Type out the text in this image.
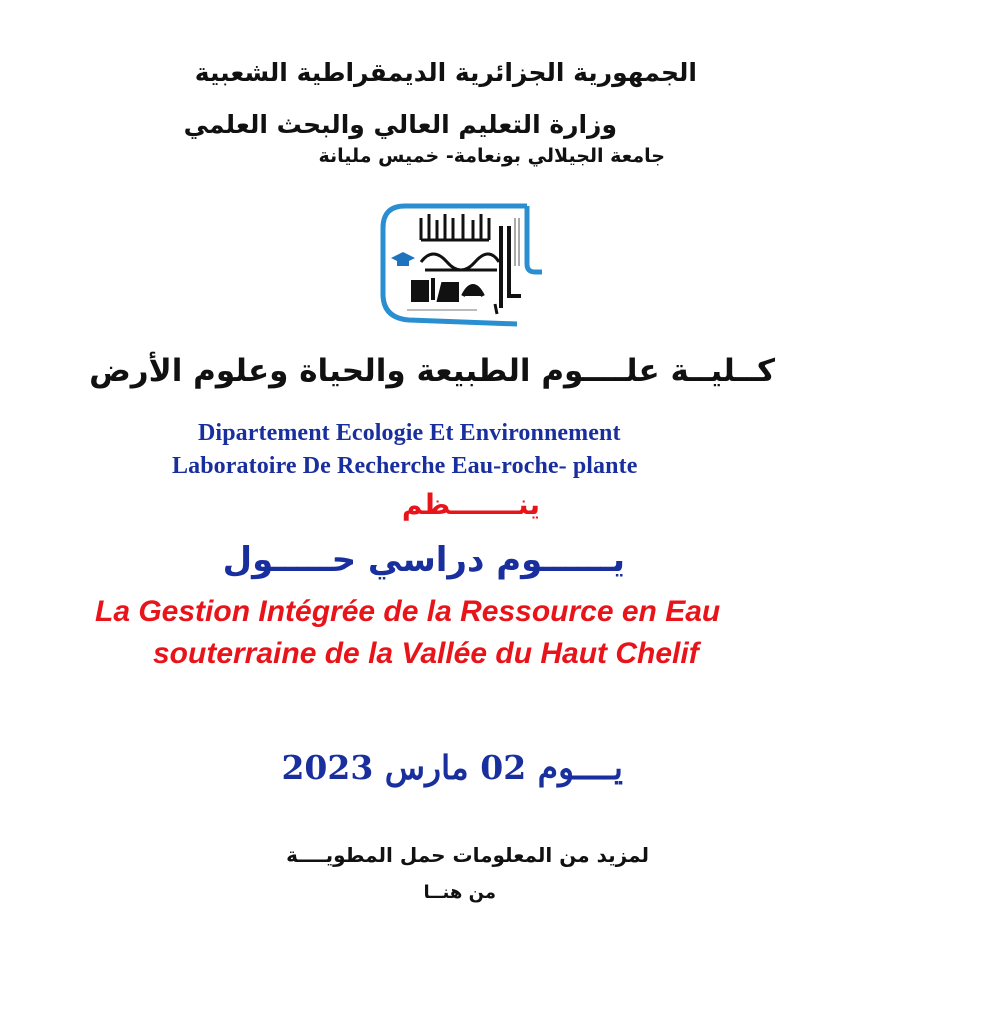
الجمهورية الجزائرية الديمقراطية الشعبية
وزارة التعليم العالي والبحث العلمي
جامعة الجيلالي بونعامة- خميس مليانة
كــليــة علــــوم الطبيعة والحياة وعلوم الأرض
Dipartement Ecologie Et Environnement
Laboratoire De Recherche Eau-roche- plante
ينـــــــظم
يــــــوم دراسي حـــــول
La Gestion Intégrée de la Ressource en Eau
souterraine de la Vallée du Haut Chelif
يــــوم 02 مارس 2023
لمزيد من المعلومات حمل المطويــــة
من هنــا
